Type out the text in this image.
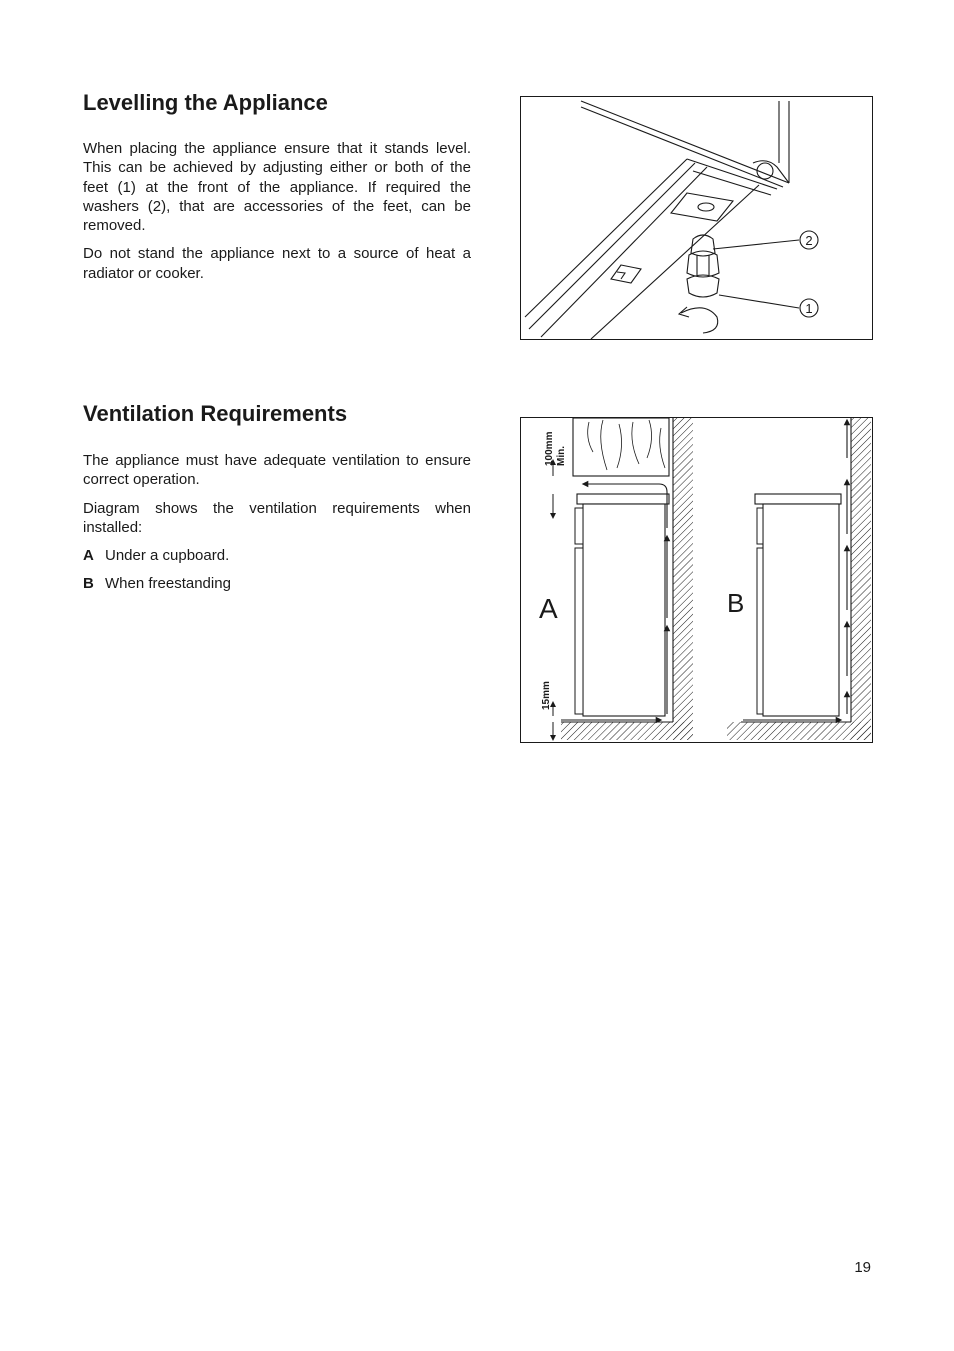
Levelling the Appliance

When placing the appliance ensure that it stands level. This can be achieved by adjusting either or both of the feet (1) at the front of the appliance. If required the washers (2), that are accessories of the feet, can be removed.

Do not stand the appliance next to a source of heat a radiator or cooker.

2
1
Ventilation Requirements

The appliance must have adequate ventilation to ensure correct operation.

Diagram shows the ventilation requirements when installed:

A Under a cupboard.
B When freestanding
100mm Min.
15mm
A	B
19
